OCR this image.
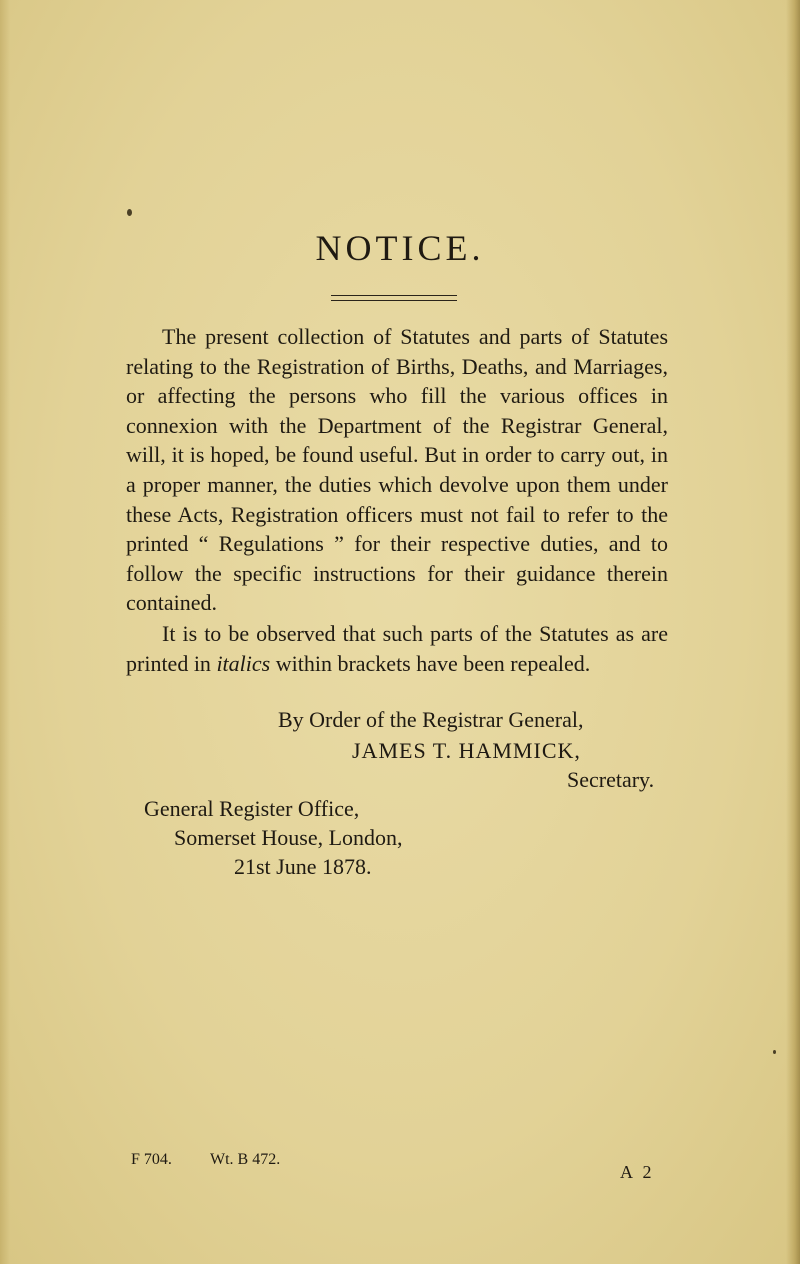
NOTICE.

The present collection of Statutes and parts of Statutes relating to the Registration of Births, Deaths, and Marriages, or affecting the persons who fill the various offices in connexion with the Department of the Registrar General, will, it is hoped, be found useful. But in order to carry out, in a proper manner, the duties which devolve upon them under these Acts, Registration officers must not fail to refer to the printed “ Regulations ” for their respective duties, and to follow the specific instructions for their guidance therein contained.

It is to be observed that such parts of the Statutes as are printed in italics within brackets have been repealed.

By Order of the Registrar General,
JAMES T. HAMMICK,
Secretary.
General Register Office,
Somerset House, London,
21st June 1878.
F 704. Wt. B 472.
A 2
